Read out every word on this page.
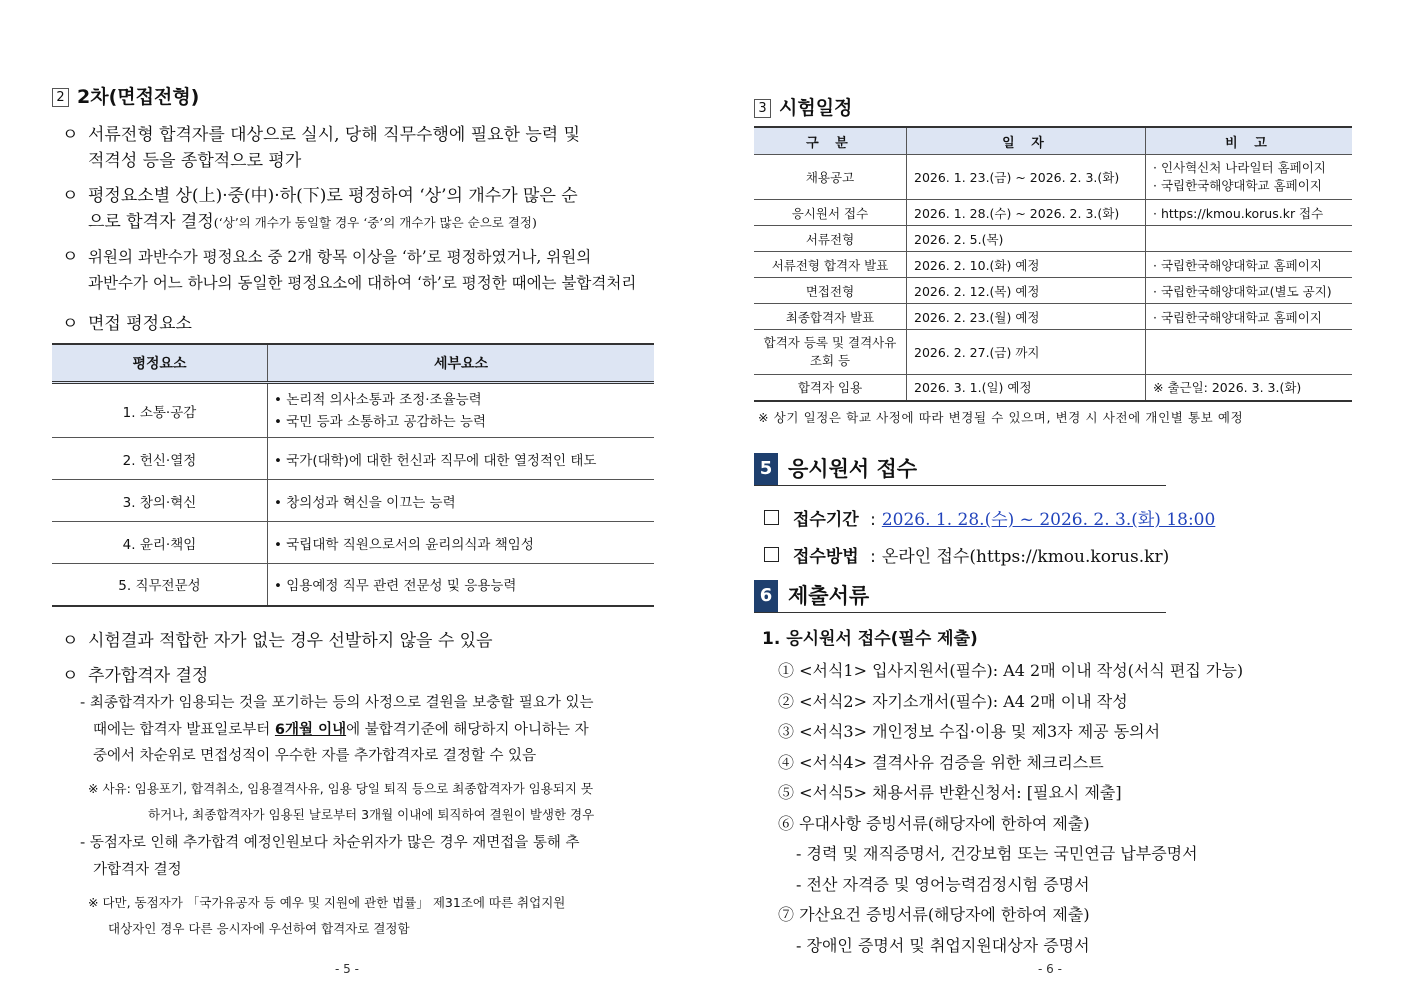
2 2차(면접전형)
ㅇ 서류전형 합격자를 대상으로 실시, 당해 직무수행에 필요한 능력 및
적격성 등을 종합적으로 평가
ㅇ 평정요소별 상(上)·중(中)·하(下)로 평정하여 ‘상’의 개수가 많은 순
으로 합격자 결정(‘상’의 개수가 동일할 경우 ‘중’의 개수가 많은 순으로 결정)
ㅇ 위원의 과반수가 평정요소 중 2개 항목 이상을 ‘하’로 평정하였거나, 위원의
과반수가 어느 하나의 동일한 평정요소에 대하여 ‘하’로 평정한 때에는 불합격처리
ㅇ 면접 평정요소
평정요소	세부요소
1. 소통·공감	• 논리적 의사소통과 조정·조율능력
• 국민 등과 소통하고 공감하는 능력
2. 헌신·열정	• 국가(대학)에 대한 헌신과 직무에 대한 열정적인 태도
3. 창의·혁신	• 창의성과 혁신을 이끄는 능력
4. 윤리·책임	• 국립대학 직원으로서의 윤리의식과 책임성
5. 직무전문성	• 임용예정 직무 관련 전문성 및 응용능력
ㅇ 시험결과 적합한 자가 없는 경우 선발하지 않을 수 있음
ㅇ 추가합격자 결정
- 최종합격자가 임용되는 것을 포기하는 등의 사정으로 결원을 보충할 필요가 있는
때에는 합격자 발표일로부터 6개월 이내에 불합격기준에 해당하지 아니하는 자
중에서 차순위로 면접성적이 우수한 자를 추가합격자로 결정할 수 있음
※ 사유: 임용포기, 합격취소, 임용결격사유, 임용 당일 퇴직 등으로 최종합격자가 임용되지 못
하거나, 최종합격자가 임용된 날로부터 3개월 이내에 퇴직하여 결원이 발생한 경우
- 동점자로 인해 추가합격 예정인원보다 차순위자가 많은 경우 재면접을 통해 추
가합격자 결정
※ 다만, 동점자가 「국가유공자 등 예우 및 지원에 관한 법률」 제31조에 따른 취업지원
대상자인 경우 다른 응시자에 우선하여 합격자로 결정함
- 5 -
3 시험일정
구 분	일 자	비 고
채용공고	2026. 1. 23.(금) ~ 2026. 2. 3.(화)	· 인사혁신처 나라일터 홈페이지
· 국립한국해양대학교 홈페이지
응시원서 접수	2026. 1. 28.(수) ~ 2026. 2. 3.(화)	· https://kmou.korus.kr 접수
서류전형	2026. 2. 5.(목)	
서류전형 합격자 발표	2026. 2. 10.(화) 예정	· 국립한국해양대학교 홈페이지
면접전형	2026. 2. 12.(목) 예정	· 국립한국해양대학교(별도 공지)
최종합격자 발표	2026. 2. 23.(월) 예정	· 국립한국해양대학교 홈페이지
합격자 등록 및 결격사유
조회 등	2026. 2. 27.(금) 까지	
합격자 임용	2026. 3. 1.(일) 예정	※ 출근일: 2026. 3. 3.(화)
※ 상기 일정은 학교 사정에 따라 변경될 수 있으며, 변경 시 사전에 개인별 통보 예정
5 응시원서 접수
접수기간 : 2026. 1. 28.(수) ~ 2026. 2. 3.(화) 18:00
접수방법 : 온라인 접수(https://kmou.korus.kr)
6 제출서류
1. 응시원서 접수(필수 제출)
① <서식1> 입사지원서(필수): A4 2매 이내 작성(서식 편집 가능)
② <서식2> 자기소개서(필수): A4 2매 이내 작성
③ <서식3> 개인정보 수집·이용 및 제3자 제공 동의서
④ <서식4> 결격사유 검증을 위한 체크리스트
⑤ <서식5> 채용서류 반환신청서: [필요시 제출]
⑥ 우대사항 증빙서류(해당자에 한하여 제출)
- 경력 및 재직증명서, 건강보험 또는 국민연금 납부증명서
- 전산 자격증 및 영어능력검정시험 증명서
⑦ 가산요건 증빙서류(해당자에 한하여 제출)
- 장애인 증명서 및 취업지원대상자 증명서
- 6 -
